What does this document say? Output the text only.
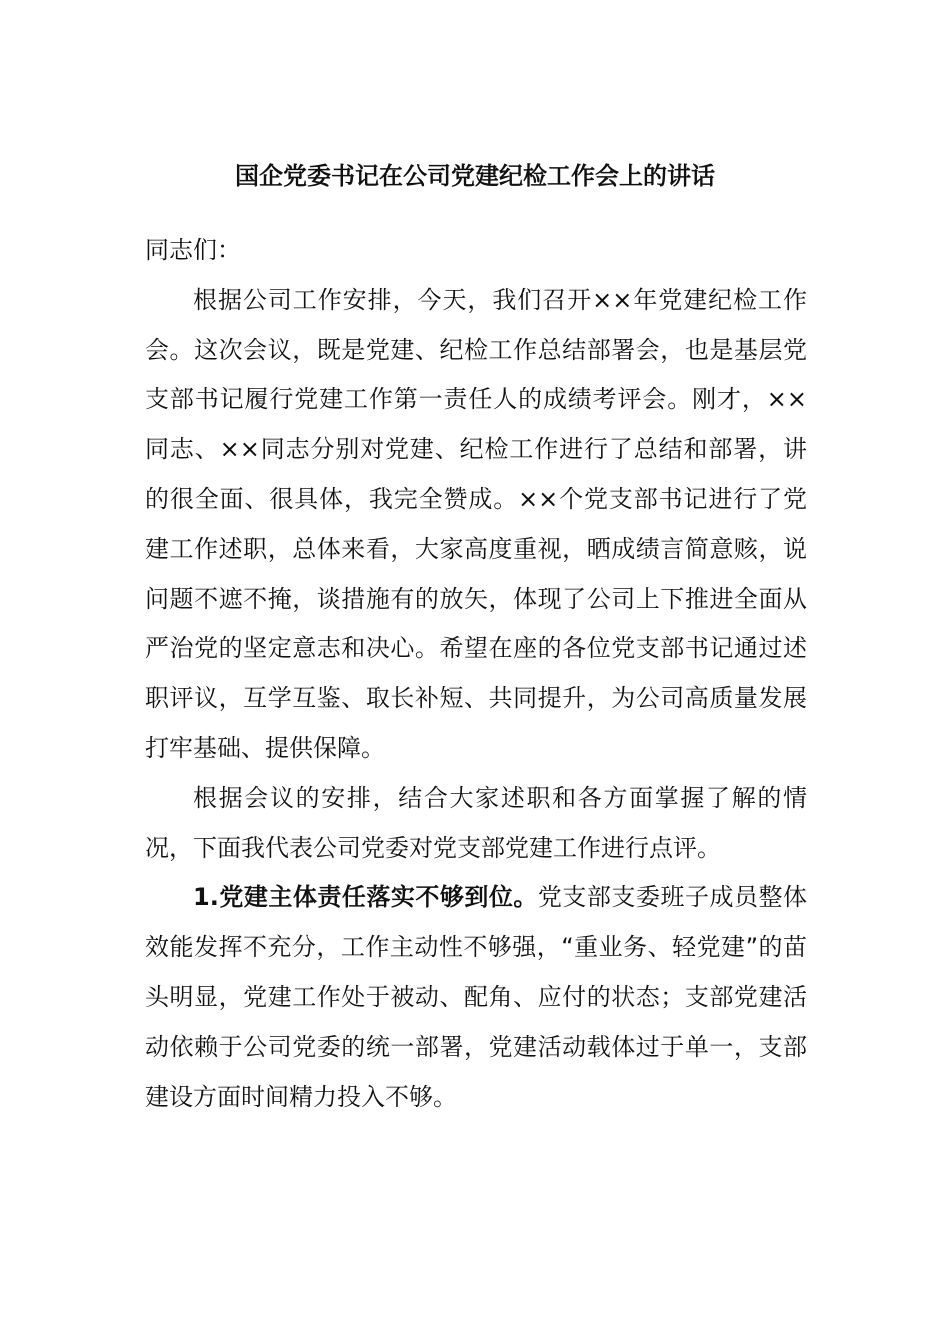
国企党委书记在公司党建纪检工作会上的讲话

同志们：

根据公司工作安排，今天，我们召开××年党建纪检工作会。这次会议，既是党建、纪检工作总结部署会，也是基层党支部书记履行党建工作第一责任人的成绩考评会。刚才，××同志、××同志分别对党建、纪检工作进行了总结和部署，讲的很全面、很具体，我完全赞成。××个党支部书记进行了党建工作述职，总体来看，大家高度重视，晒成绩言简意赅，说问题不遮不掩，谈措施有的放矢，体现了公司上下推进全面从严治党的坚定意志和决心。希望在座的各位党支部书记通过述职评议，互学互鉴、取长补短、共同提升，为公司高质量发展打牢基础、提供保障。

根据会议的安排，结合大家述职和各方面掌握了解的情况，下面我代表公司党委对党支部党建工作进行点评。

1.党建主体责任落实不够到位。党支部支委班子成员整体效能发挥不充分，工作主动性不够强，“重业务、轻党建”的苗头明显，党建工作处于被动、配角、应付的状态；支部党建活动依赖于公司党委的统一部署，党建活动载体过于单一，支部建设方面时间精力投入不够。
